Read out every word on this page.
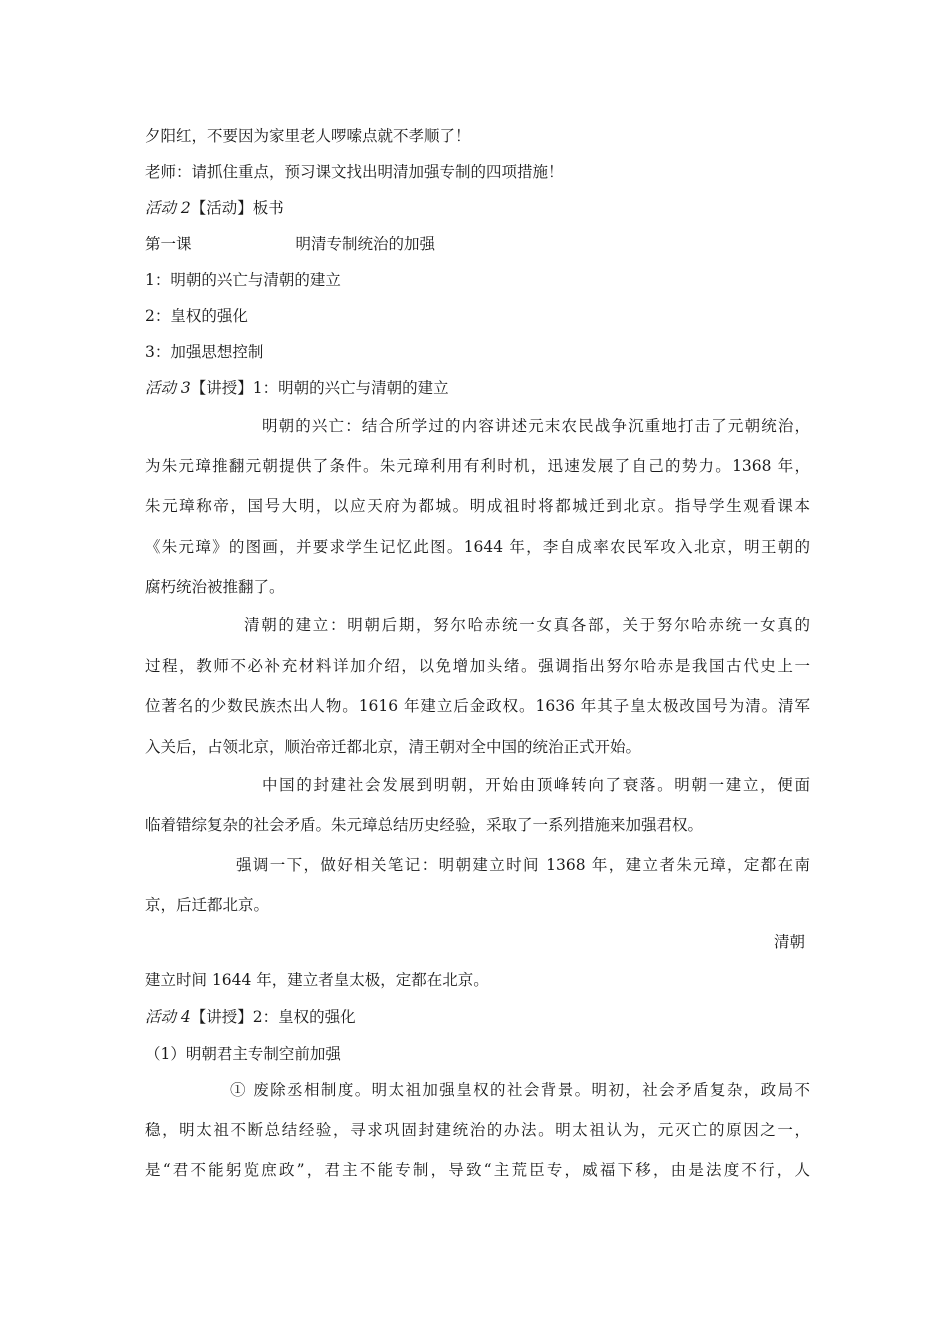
夕阳红，不要因为家里老人啰嗦点就不孝顺了！
老师：请抓住重点，预习课文找出明清加强专制的四项措施！
活动 2【活动】板书
第一课	明清专制统治的加强
1：明朝的兴亡与清朝的建立
2：皇权的强化
3：加强思想控制
活动 3【讲授】1：明朝的兴亡与清朝的建立
明朝的兴亡：结合所学过的内容讲述元末农民战争沉重地打击了元朝统治，
为朱元璋推翻元朝提供了条件。朱元璋利用有利时机，迅速发展了自己的势力。1368 年，
朱元璋称帝，国号大明，以应天府为都城。明成祖时将都城迁到北京。指导学生观看课本
《朱元璋》的图画，并要求学生记忆此图。1644 年，李自成率农民军攻入北京，明王朝的
腐朽统治被推翻了。
清朝的建立：明朝后期，努尔哈赤统一女真各部，关于努尔哈赤统一女真的
过程，教师不必补充材料详加介绍，以免增加头绪。强调指出努尔哈赤是我国古代史上一
位著名的少数民族杰出人物。1616 年建立后金政权。1636 年其子皇太极改国号为清。清军
入关后，占领北京，顺治帝迁都北京，清王朝对全中国的统治正式开始。
中国的封建社会发展到明朝，开始由顶峰转向了衰落。明朝一建立，便面
临着错综复杂的社会矛盾。朱元璋总结历史经验，采取了一系列措施来加强君权。
强调一下，做好相关笔记：明朝建立时间 1368 年，建立者朱元璋，定都在南
京，后迁都北京。
清朝
建立时间 1644 年，建立者皇太极，定都在北京。
活动 4【讲授】2：皇权的强化
（1）明朝君主专制空前加强
① 废除丞相制度。明太祖加强皇权的社会背景。明初，社会矛盾复杂，政局不
稳，明太祖不断总结经验，寻求巩固封建统治的办法。明太祖认为，元灭亡的原因之一，
是“君不能躬览庶政”，君主不能专制，导致“主荒臣专，威福下移，由是法度不行，人
